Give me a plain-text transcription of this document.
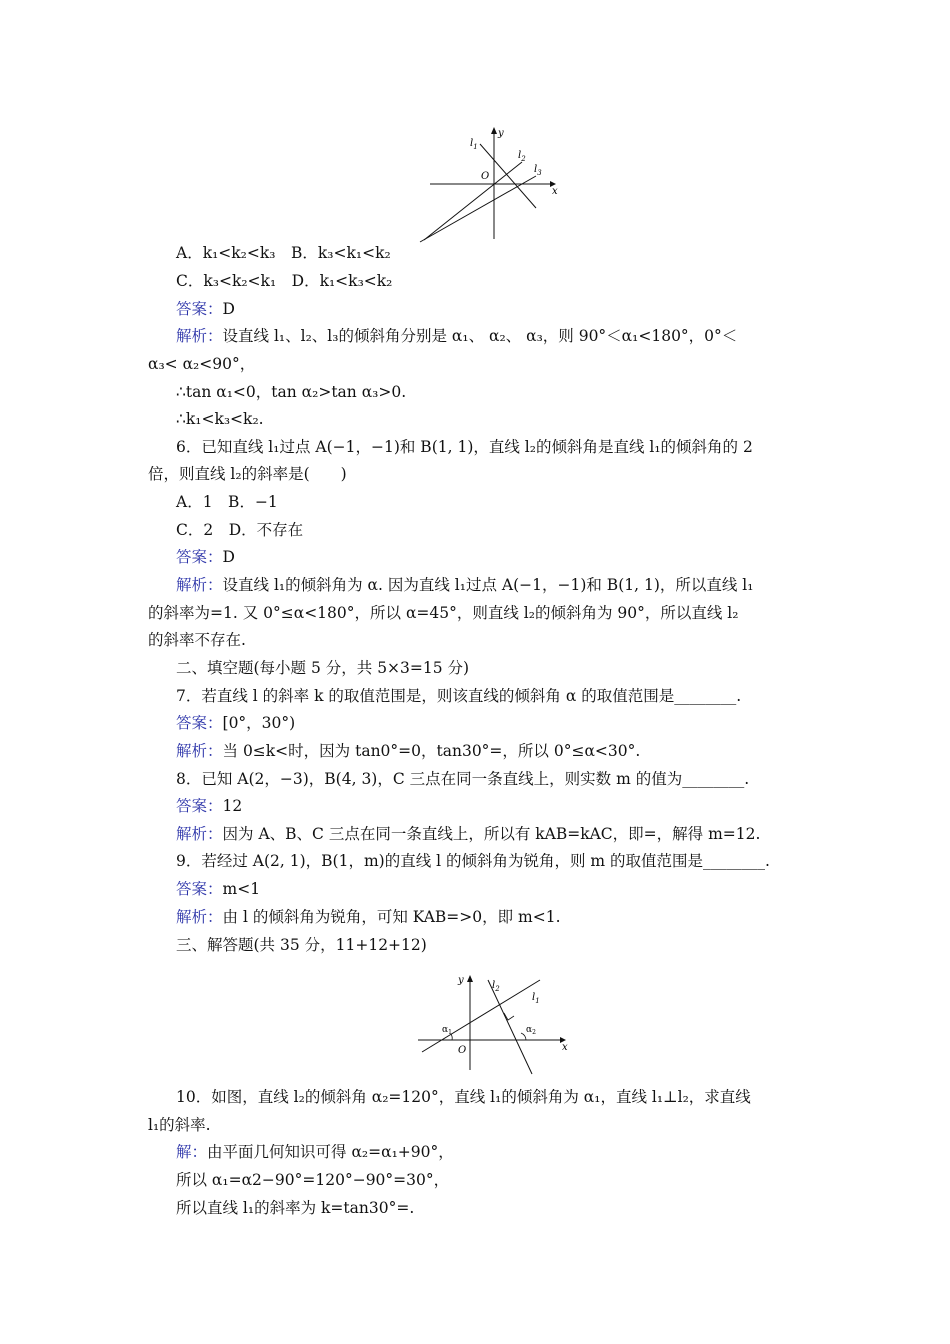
$l_1$
$l_2$
$l_3$
O
x
y
A．k₁<k₂<k₃　B．k₃<k₁<k₂
C．k₃<k₂<k₁　D．k₁<k₃<k₂
答案：D
解析：设直线 l₁、l₂、l₃的倾斜角分别是 α₁、 α₂、 α₃，则 90°＜α₁<180°，0°＜
α₃< α₂<90°，
∴tan α₁<0，tan α₂>tan α₃>0.
∴k₁<k₃<k₂.
6．已知直线 l₁过点 A(−1，−1)和 B(1, 1)，直线 l₂的倾斜角是直线 l₁的倾斜角的 2
倍，则直线 l₂的斜率是(　　)
A．1　B．−1
C．2　D．不存在
答案：D
解析：设直线 l₁的倾斜角为 α. 因为直线 l₁过点 A(−1，−1)和 B(1, 1)，所以直线 l₁
的斜率为=1. 又 0°≤α<180°，所以 α=45°，则直线 l₂的倾斜角为 90°，所以直线 l₂
的斜率不存在.
二、填空题(每小题 5 分，共 5×3=15 分)
7．若直线 l 的斜率 k 的取值范围是，则该直线的倾斜角 α 的取值范围是________.
答案：[0°，30°)
解析：当 0≤k<时，因为 tan0°=0，tan30°=，所以 0°≤α<30°.
8．已知 A(2，−3)，B(4, 3)，C 三点在同一条直线上，则实数 m 的值为________.
答案：12
解析：因为 A、B、C 三点在同一条直线上，所以有 kAB=kAC，即=，解得 m=12.
9．若经过 A(2, 1)，B(1，m)的直线 l 的倾斜角为锐角，则 m 的取值范围是________.
答案：m<1
解析：由 l 的倾斜角为锐角，可知 KAB=>0，即 m<1.
三、解答题(共 35 分，11+12+12)
$l_1$
$l_2$
$\alpha_1$	$\alpha_2$
O	x
y
10．如图，直线 l₂的倾斜角 α₂=120°，直线 l₁的倾斜角为 α₁，直线 l₁⊥l₂，求直线
l₁的斜率.
解：由平面几何知识可得 α₂=α₁+90°，
所以 α₁=α2−90°=120°−90°=30°，
所以直线 l₁的斜率为 k=tan30°=.
